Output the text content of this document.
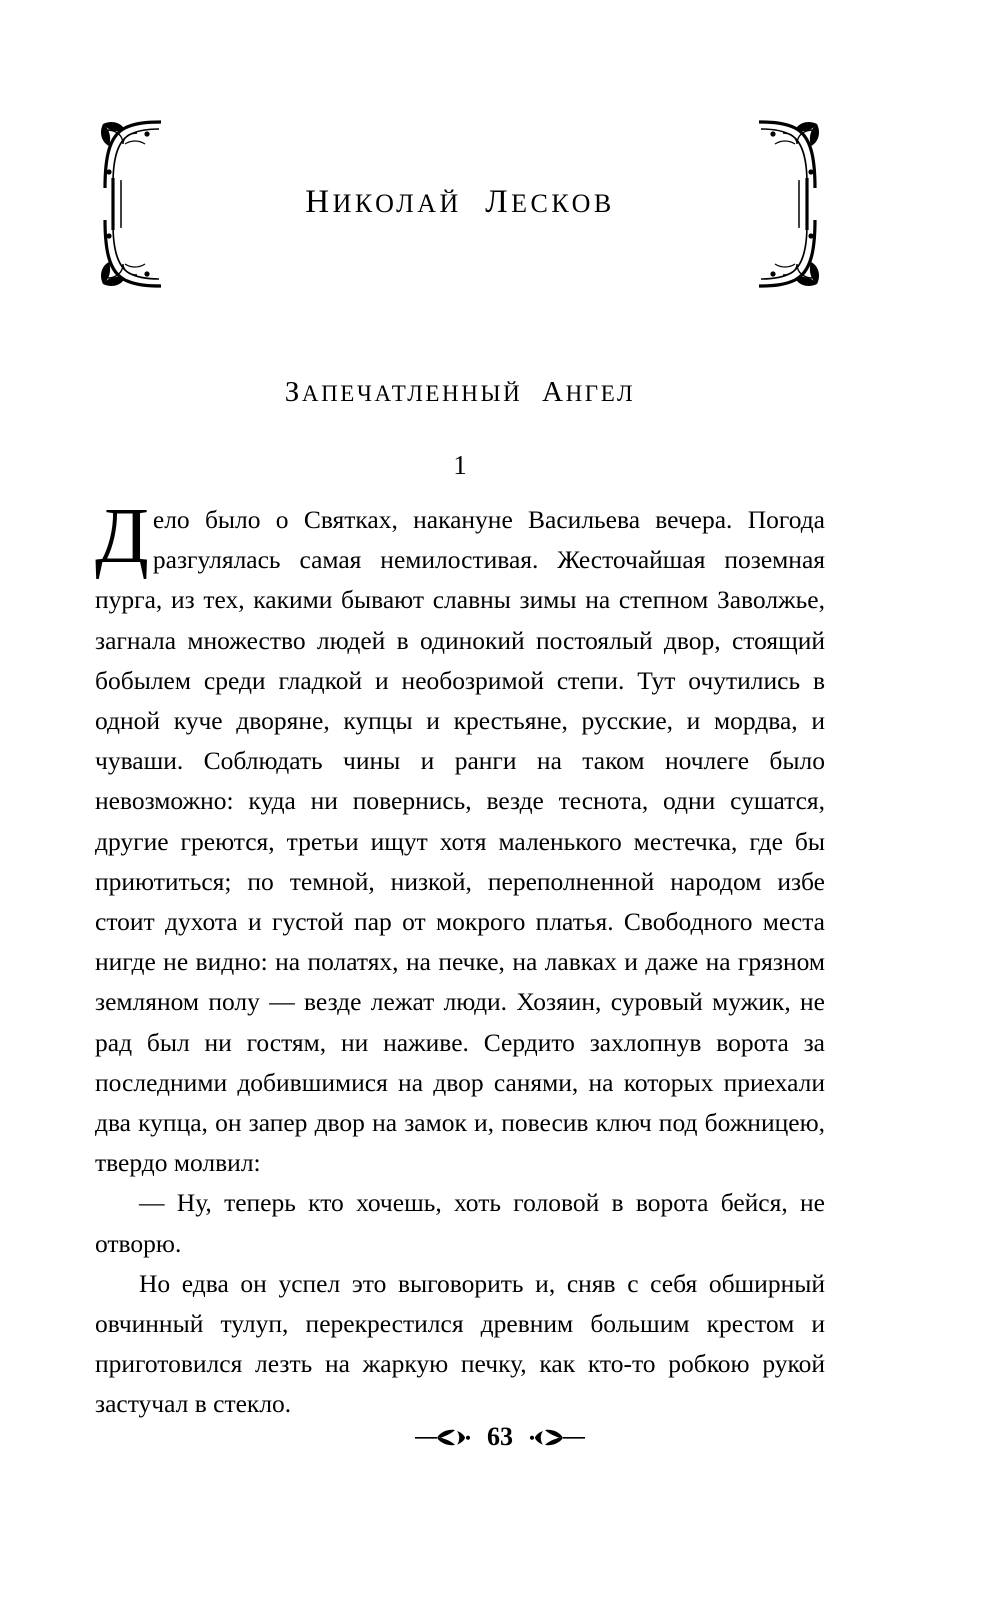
НИКОЛАЙ ЛЕСКОВ
ЗАПЕЧАТЛЕННЫЙ АНГЕЛ
1

Дело было о Святках, накануне Васильева вечера. Погода разгулялась самая немилостивая. Жесточайшая поземная пурга, из тех, какими бывают славны зимы на степном Заволжье, загнала множество людей в одинокий постоялый двор, стоящий бобылем среди гладкой и необозримой степи. Тут очутились в одной куче дворяне, купцы и крестьяне, русские, и мордва, и чуваши. Соблюдать чины и ранги на таком ночлеге было невозможно: куда ни повернись, везде теснота, одни сушатся, другие греются, третьи ищут хотя маленького местечка, где бы приютиться; по темной, низкой, переполненной народом избе стоит духота и густой пар от мокрого платья. Свободного места нигде не видно: на полатях, на печке, на лавках и даже на грязном земляном полу — везде лежат люди. Хозяин, суровый мужик, не рад был ни гостям, ни наживе. Сердито захлопнув ворота за последними добившимися на двор санями, на которых приехали два купца, он запер двор на замок и, повесив ключ под божницею, твердо молвил:

— Ну, теперь кто хочешь, хоть головой в ворота бейся, не отворю.

Но едва он успел это выговорить и, сняв с себя обширный овчинный тулуп, перекрестился древним большим крестом и приготовился лезть на жаркую печку, как кто-то робкою рукой застучал в стекло.

63
